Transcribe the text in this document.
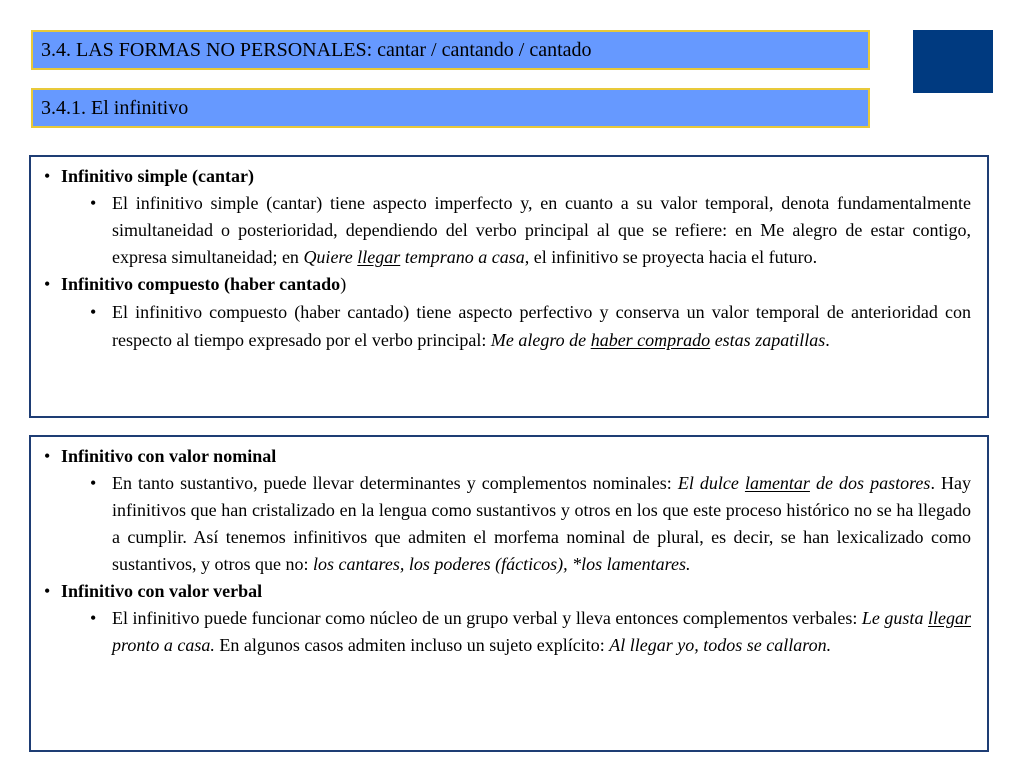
3.4. LAS FORMAS NO PERSONALES: cantar / cantando / cantado
3.4.1. El infinitivo
• Infinitivo simple (cantar)
• El infinitivo simple (cantar) tiene aspecto imperfecto y, en cuanto a su valor temporal, denota fundamentalmente simultaneidad o posterioridad, dependiendo del verbo principal al que se refiere: en Me alegro de estar contigo, expresa simultaneidad; en Quiere llegar temprano a casa, el infinitivo se proyecta hacia el futuro.
• Infinitivo compuesto (haber cantado)
• El infinitivo compuesto (haber cantado) tiene aspecto perfectivo y conserva un valor temporal de anterioridad con respecto al tiempo expresado por el verbo principal: Me alegro de haber comprado estas zapatillas.
• Infinitivo con valor nominal
• En tanto sustantivo, puede llevar determinantes y complementos nominales: El dulce lamentar de dos pastores. Hay infinitivos que han cristalizado en la lengua como sustantivos y otros en los que este proceso histórico no se ha llegado a cumplir. Así tenemos infinitivos que admiten el morfema nominal de plural, es decir, se han lexicalizado como sustantivos, y otros que no: los cantares, los poderes (fácticos), *los lamentares.
• Infinitivo con valor verbal
• El infinitivo puede funcionar como núcleo de un grupo verbal y lleva entonces complementos verbales: Le gusta llegar pronto a casa. En algunos casos admiten incluso un sujeto explícito: Al llegar yo, todos se callaron.
